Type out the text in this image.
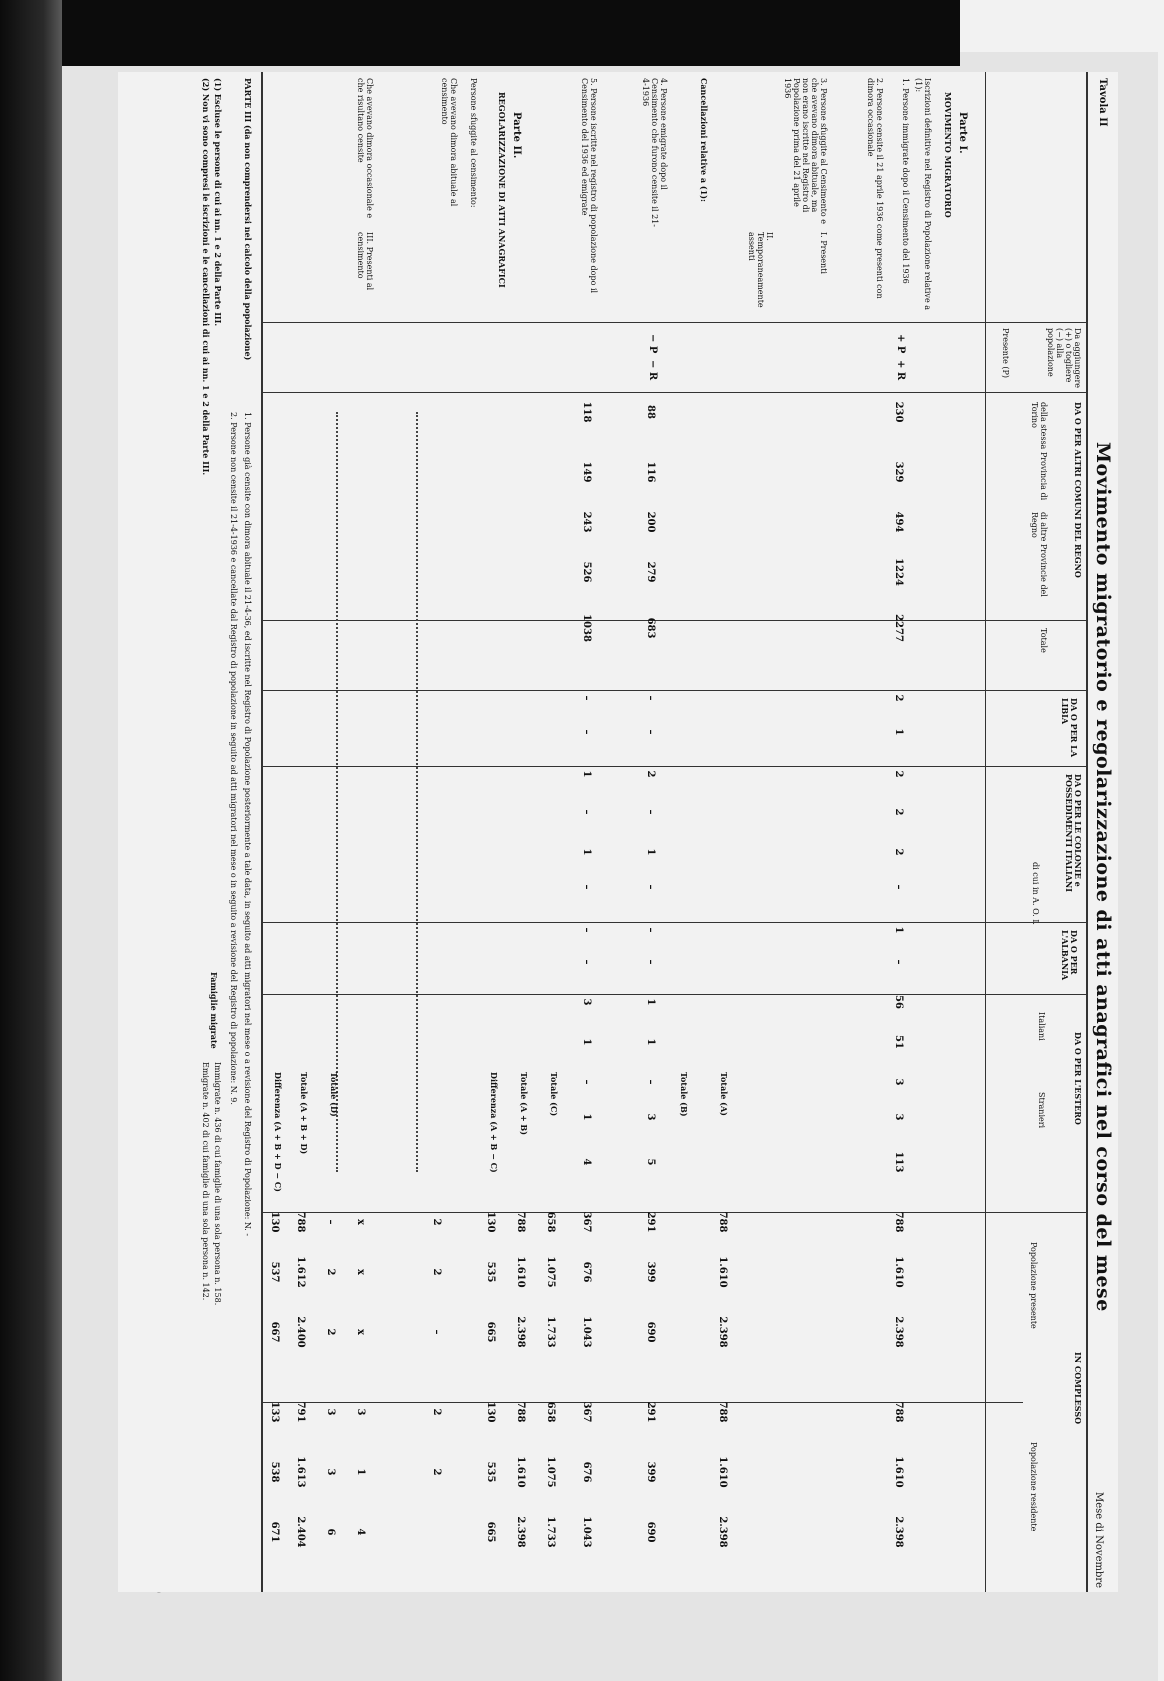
Tavola II
Movimento migratorio e regolarizzazione di atti anagrafici nel corso del mese
Mese di Novembre
Da aggiungere (+) o togliere (−) alla popolazione
Presente (P)
DA O PER ALTRI COMUNI DEL REGNO
della stessa Provincia di Torino
di altre Provincie del Regno
Totale
DA O PER LA LIBIA
DA O PER LE COLONIE e POSSEDIMENTI ITALIANI
di cui in A. O. I.
DA O PER L'ALBANIA
DA O PER L'ESTERO
Italiani
Stranieri
IN COMPLESSO
Popolazione presente
Popolazione residente
Parte I.
MOVIMENTO MIGRATORIO
Iscrizioni definitive nel Registro di Popolazione relative a (1):
1. Persone immigrate dopo il Censimento del 1936
2. Persone censite il 21 aprile 1936 come presenti con dimora occasionale
3. Persone sfuggite al Censimento e che avevano dimora abituale, ma non erano iscritte nel Registro di Popolazione prima del 21 aprile 1936
I. Presenti
II. Temporaneamente assenti
Cancellazioni relative a (1):
4. Persone emigrate dopo il Censimento che furono censite il 21-4-1936
5. Persone iscritte nel registro di popolazione dopo il Censimento del 1936 ed emigrate
Parte II.
REGOLARIZZAZIONE DI ATTI ANAGRAFICI
Persone sfuggite al censimento:
Che avevano dimora abituale al censimento
Che avevano dimora occasionale e che risultano censite
III. Presenti al censimento
+ P
+ R
− P
− R
Totale (A)
Totale (B)
Totale (C)
Totale (A + B)
Differenza (A + B − C)
Totale (D)
Totale (A + B + D)
Differenza (A + B + D − C)
230
329
494
1224
2277
2
1
2
2
2
–
1
–
56
51
3
3
113
788
1.610
2.398
788
1.610
2.398
788
1.610
2.398
788
1.610
2.398
88
116
200
279
683
–
–
2
–
1
–
–
–
1
1
–
3
5
291
399
690
291
399
690
118
149
243
526
1038
–
–
1
–
1
–
–
–
3
1
–
1
4
367
676
1.043
367
676
1.043
658
1.075
1.733
658
1.075
1.733
788
1.610
2.398
788
1.610
2.398
130
535
665
130
535
665
2
2
–
2
2
x
x
x
3
1
4
–
2
2
3
3
6
788
1.612
2.400
791
1.613
2.404
130
537
667
133
538
671
PARTE III (da non comprendersi nel calcolo della popolazione)
1. Persone già censite con dimora abituale il 21-4-36, ed iscritte nel Registro di Popolazione posteriormente a tale data, in seguito ad atti migratori nel mese o a revisione del Registro di Popolazione: N. -
2. Persone non censite il 21-4-1936 e cancellate dal Registro di popolazione in seguito ad atti migratori nel mese o in seguito a revisione del Registro di popolazione: N. 9.
(1) Escluse le persone di cui ai nn. 1 e 2 della Parte III.
(2) Non vi sono compresi le iscrizioni e le cancellazioni di cui ai nn. 1 e 2 della Parte III.
Famiglie migrate
Immigrate n. 436 di cui famiglie di una sola persona n. 158.
Emigrate n. 402 di cui famiglie di una sola persona n. 142.
